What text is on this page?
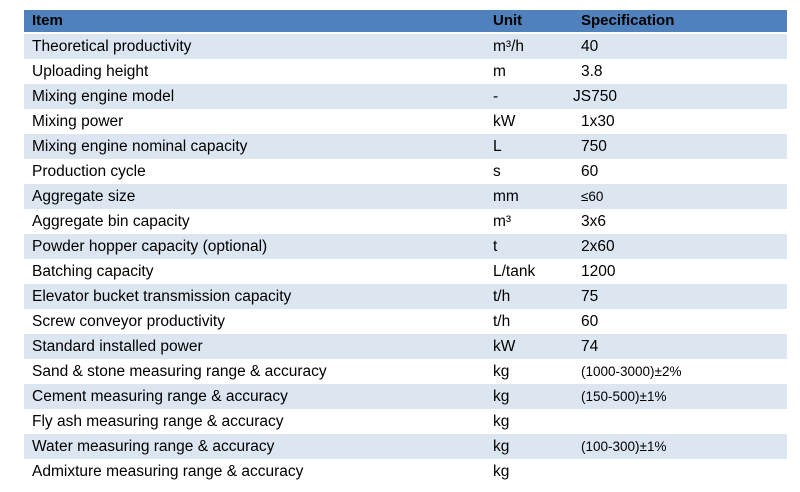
Item	Unit	Specification
Theoretical productivity	m³/h	40
Uploading height	m	3.8
Mixing engine model	-	JS750
Mixing power	kW	1x30
Mixing engine nominal capacity	L	750
Production cycle	s	60
Aggregate size	mm	≤60
Aggregate bin capacity	m³	3x6
Powder hopper capacity (optional)	t	2x60
Batching capacity	L/tank	1200
Elevator bucket transmission capacity	t/h	75
Screw conveyor productivity	t/h	60
Standard installed power	kW	74
Sand & stone measuring range & accuracy	kg	(1000-3000)±2%
Cement measuring range & accuracy	kg	(150-500)±1%
Fly ash measuring range & accuracy	kg	
Water measuring range & accuracy	kg	(100-300)±1%
Admixture measuring range & accuracy	kg	
